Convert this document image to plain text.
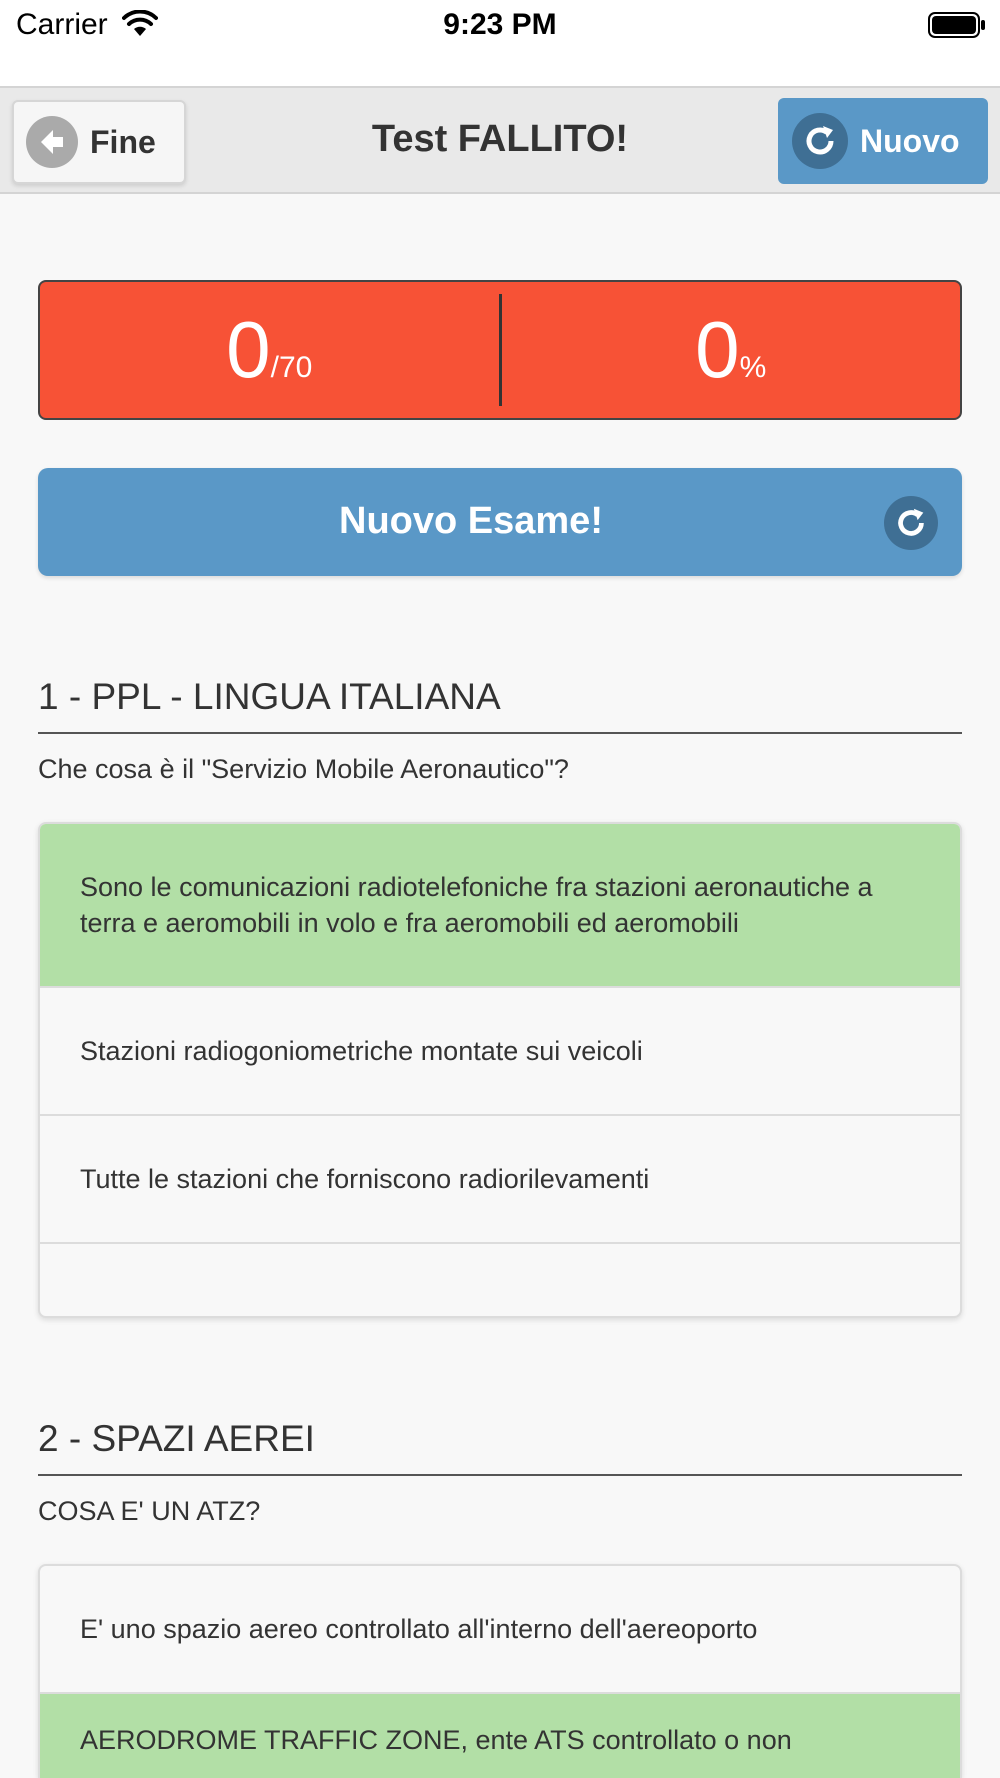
Carrier	9:23 PM
Fine	Test FALLITO!	Nuovo
0 /70	0 %
Nuovo Esame!
1 - PPL - LINGUA ITALIANA
Che cosa è il "Servizio Mobile Aeronautico"?
Sono le comunicazioni radiotelefoniche fra stazioni aeronautiche a terra e aeromobili in volo e fra aeromobili ed aeromobili
Stazioni radiogoniometriche montate sui veicoli
Tutte le stazioni che forniscono radiorilevamenti
2 - SPAZI AEREI
COSA E' UN ATZ?
E' uno spazio aereo controllato all'interno dell'aereoporto
AERODROME TRAFFIC ZONE, ente ATS controllato o non
